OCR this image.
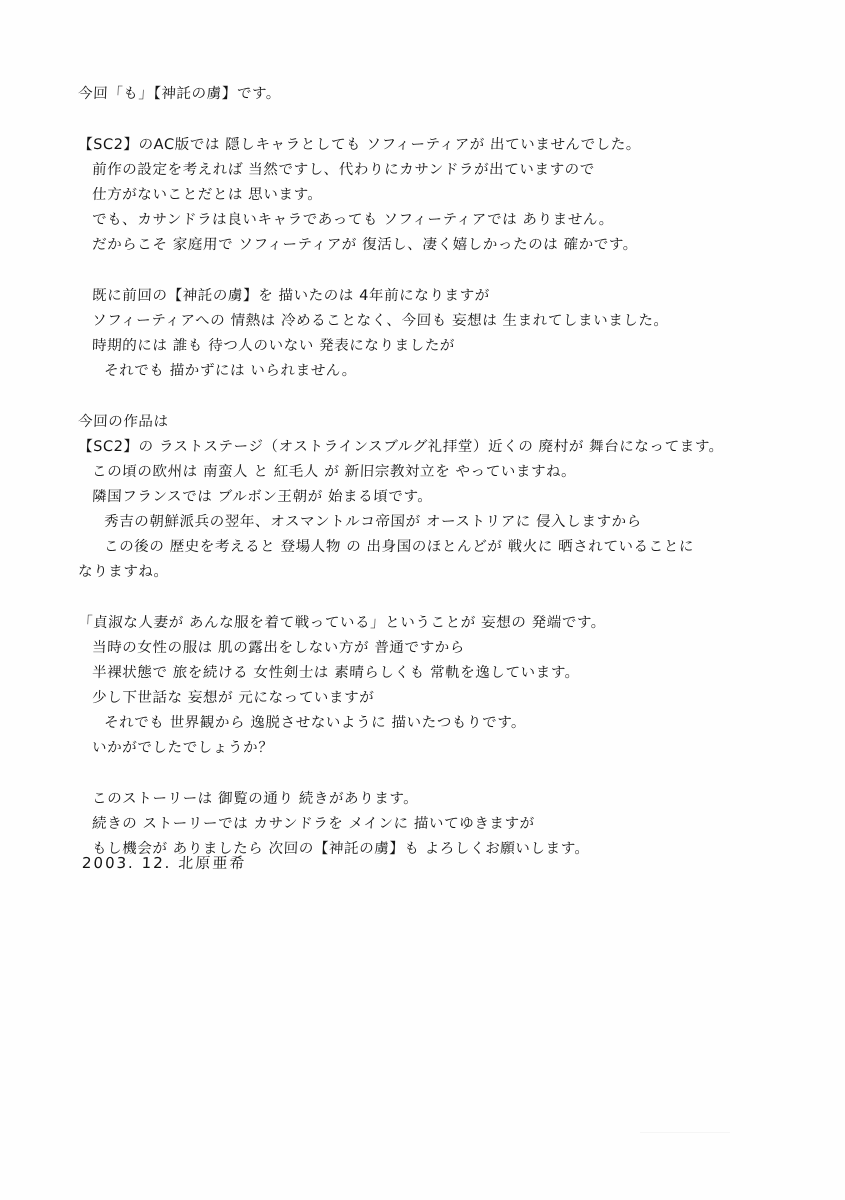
今回「も」【神託の虜】です。
【SC2】のAC版では 隠しキャラとしても ソフィーティアが 出ていませんでした。
前作の設定を考えれば 当然ですし、代わりにカサンドラが出ていますので
仕方がないことだとは 思います。
でも、カサンドラは良いキャラであっても ソフィーティアでは ありません。
だからこそ 家庭用で ソフィーティアが 復活し、凄く嬉しかったのは 確かです。
既に前回の【神託の虜】を 描いたのは 4年前になりますが
ソフィーティアへの 情熱は 冷めることなく、今回も 妄想は 生まれてしまいました。
時期的には 誰も 待つ人のいない 発表になりましたが
それでも 描かずには いられません。
今回の作品は
【SC2】の ラストステージ（オストラインスブルグ礼拝堂）近くの 廃村が 舞台になってます。
この頃の欧州は 南蛮人 と 紅毛人 が 新旧宗教対立を やっていますね。
隣国フランスでは ブルボン王朝が 始まる頃です。
秀吉の朝鮮派兵の翌年、オスマントルコ帝国が オーストリアに 侵入しますから
この後の 歴史を考えると 登場人物 の 出身国のほとんどが 戦火に 晒されていることに
なりますね。
「貞淑な人妻が あんな服を着て戦っている」ということが 妄想の 発端です。
当時の女性の服は 肌の露出をしない方が 普通ですから
半裸状態で 旅を続ける 女性剣士は 素晴らしくも 常軌を逸しています。
少し下世話な 妄想が 元になっていますが
それでも 世界観から 逸脱させないように 描いたつもりです。
いかがでしたでしょうか？
このストーリーは 御覧の通り 続きがあります。
続きの ストーリーでは カサンドラを メインに 描いてゆきますが
もし機会が ありましたら 次回の【神託の虜】も よろしくお願いします。
2003. 12. 北原亜希
